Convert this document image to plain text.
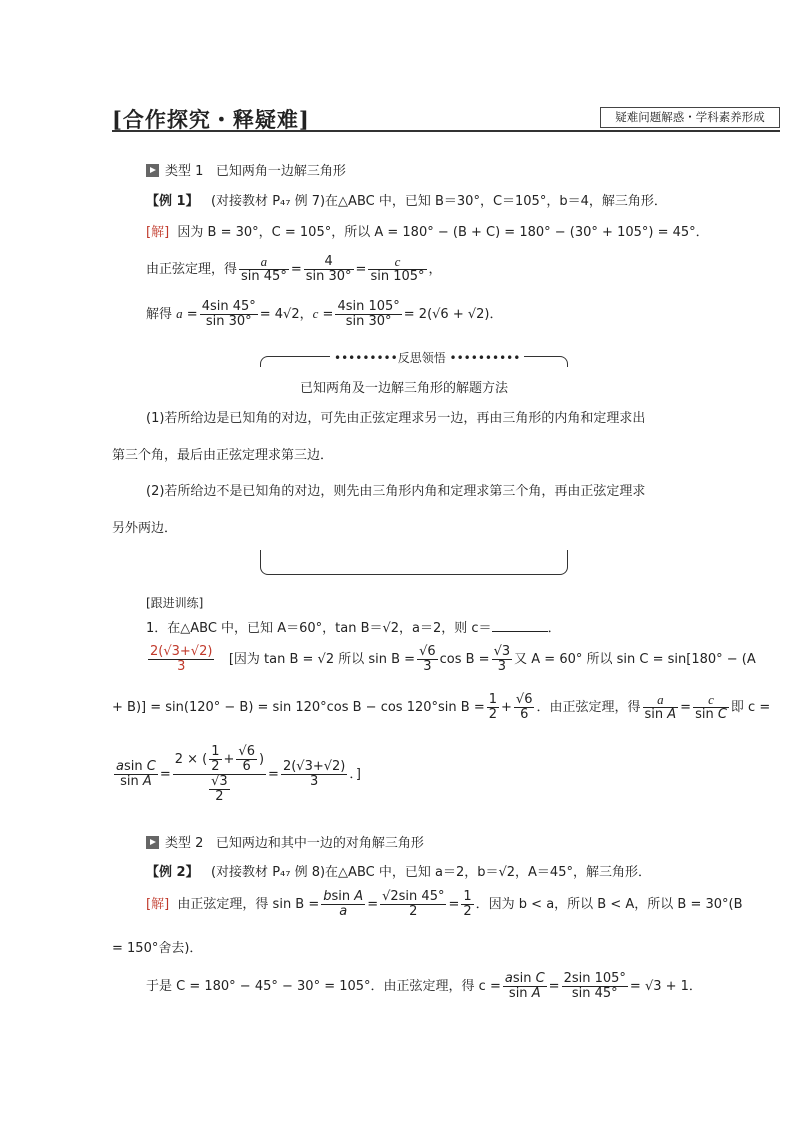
[合作探究・释疑难]	疑难问题解惑・学科素养形成
类型 1 已知两角一边解三角形
【例 1】 (对接教材 P₄₇ 例 7)在△ABC 中，已知 B＝30°，C＝105°，b＝4，解三角形．
[解] 因为 B = 30°，C = 105°，所以 A = 180° − (B + C) = 180° − (30° + 105°) = 45°．
由正弦定理，得 $\frac{a}{\sin 45^\circ} = \frac{4}{\sin 30^\circ} = \frac{c}{\sin 105^\circ}$ ，
解得 $a = \frac{4\sin 45^\circ}{\sin 30^\circ} = 4√2$，$c = \frac{4\sin 105^\circ}{\sin 30^\circ} = 2(√6 + √2)$．
•••••••••反思领悟 ••••••••••
已知两角及一边解三角形的解题方法
(1)若所给边是已知角的对边，可先由正弦定理求另一边，再由三角形的内角和定理求出
第三个角，最后由正弦定理求第三边．
(2)若所给边不是已知角的对边，则先由三角形内角和定理求第三个角，再由正弦定理求
另外两边．
[跟进训练]
1．在△ABC 中，已知 A＝60°，tan B＝√2，a＝2，则 c＝	．
$\frac{2(√3+√2)}{3}$ [因为 tan B = √2 所以 $\sin B = \frac{√6}{3}$ $\cos B = \frac{√3}{3}$ 又 A = 60° 所以 sin C = sin[180° − (A
+ B)] = sin(120° − B) = sin 120°cos B − cos 120°sin $B = \frac{1}{2} + \frac{√6}{6}$ ．由正弦定理，得 $\frac{a}{\text{sin A}} = \frac{c}{\text{sin C}}$ 即 c =
$\frac{\text{asin C}}{\text{sin A}} = \frac{2 \times ( \frac{1}{2} + \frac{√6}{6} )}{\frac{√3}{2}} = \frac{2(√3+√2)}{3}$ ．]
类型 2 已知两边和其中一边的对角解三角形
【例 2】 (对接教材 P₄₇ 例 8)在△ABC 中，已知 a＝2，b＝√2，A＝45°，解三角形．
[解] 由正弦定理，得 $\sin B = \frac{\text{bsin A}}{a} = \frac{√2\sin 45^\circ}{2} = \frac{1}{2}$ ．因为 b < a，所以 B < A，所以 B = 30°(B
= 150°舍去)．
于是 C = 180° − 45° − 30° = 105°．由正弦定理，得 $c = \frac{\text{asin C}}{\text{sin A}} = \frac{2\sin 105^\circ}{\sin 45^\circ} = √3 + 1$．
